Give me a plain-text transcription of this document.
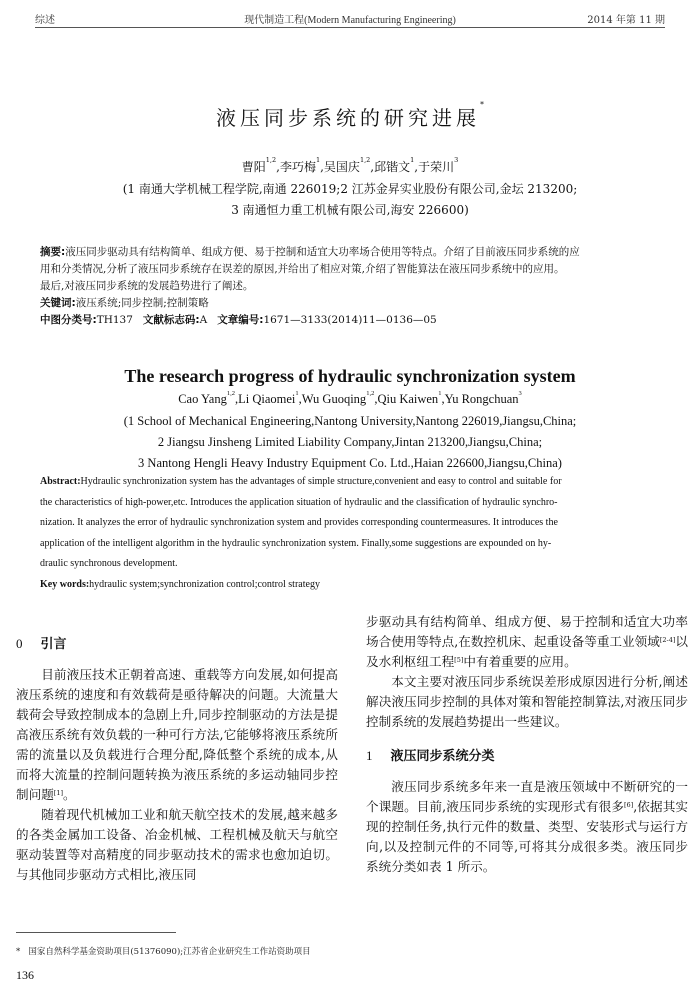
综述	现代制造工程(Modern Manufacturing Engineering)	2014 年第 11 期
液压同步系统的研究进展*
曹阳$^{1,2}$,李巧梅$^1$,吴国庆$^{1,2}$,邱锴文$^1$,于荣川$^3$
(1 南通大学机械工程学院,南通 226019;2 江苏金昇实业股份有限公司,金坛 213200;
3 南通恒力重工机械有限公司,海安 226600)
摘要:液压同步驱动具有结构简单、组成方便、易于控制和适宜大功率场合使用等特点。介绍了目前液压同步系统的应
用和分类情况,分析了液压同步系统存在误差的原因,并给出了相应对策,介绍了智能算法在液压同步系统中的应用。
最后,对液压同步系统的发展趋势进行了阐述。
关键词:液压系统;同步控制;控制策略
中图分类号:TH137 文献标志码:A 文章编号:1671—3133(2014)11—0136—05
The research progress of hydraulic synchronization system
Cao Yang$^{1,2}$,Li Qiaomei$^1$,Wu Guoqing$^{1,2}$,Qiu Kaiwen$^1$,Yu Rongchuan$^3$
(1 School of Mechanical Engineering,Nantong University,Nantong 226019,Jiangsu,China;
2 Jiangsu Jinsheng Limited Liability Company,Jintan 213200,Jiangsu,China;
3 Nantong Hengli Heavy Industry Equipment Co. Ltd.,Haian 226600,Jiangsu,China)
Abstract:Hydraulic synchronization system has the advantages of simple structure,convenient and easy to control and suitable for
the characteristics of high-power,etc. Introduces the application situation of hydraulic and the classification of hydraulic synchro-
nization. It analyzes the error of hydraulic synchronization system and provides corresponding countermeasures. It introduces the
application of the intelligent algorithm in the hydraulic synchronization system. Finally,some suggestions are expounded on hy-
draulic synchronous development.
Key words:hydraulic system;synchronization control;control strategy
0 引言

目前液压技术正朝着高速、重载等方向发展,如何提高液压系统的速度和有效载荷是亟待解决的问题。大流量大载荷会导致控制成本的急剧上升,同步控制驱动的方法是提高液压系统有效负载的一种可行方法,它能够将液压系统所需的流量以及负载进行合理分配,降低整个系统的成本,从而将大流量的控制问题转换为液压系统的多运动轴同步控制问题[1]。

随着现代机械加工业和航天航空技术的发展,越来越多的各类金属加工设备、冶金机械、工程机械及航天与航空驱动装置等对高精度的同步驱动技术的需求也愈加迫切。与其他同步驱动方式相比,液压同

步驱动具有结构简单、组成方便、易于控制和适宜大功率场合使用等特点,在数控机床、起重设备等重工业领域[2-4]以及水利枢纽工程[5]中有着重要的应用。

本文主要对液压同步系统误差形成原因进行分析,阐述解决液压同步控制的具体对策和智能控制算法,对液压同步控制系统的发展趋势提出一些建议。

1 液压同步系统分类

液压同步系统多年来一直是液压领域中不断研究的一个课题。目前,液压同步系统的实现形式有很多[6],依据其实现的控制任务,执行元件的数量、类型、安装形式与运行方向,以及控制元件的不同等,可将其分成很多类。液压同步系统分类如表 1 所示。

* 国家自然科学基金资助项目(51376090);江苏省企业研究生工作站资助项目
136
